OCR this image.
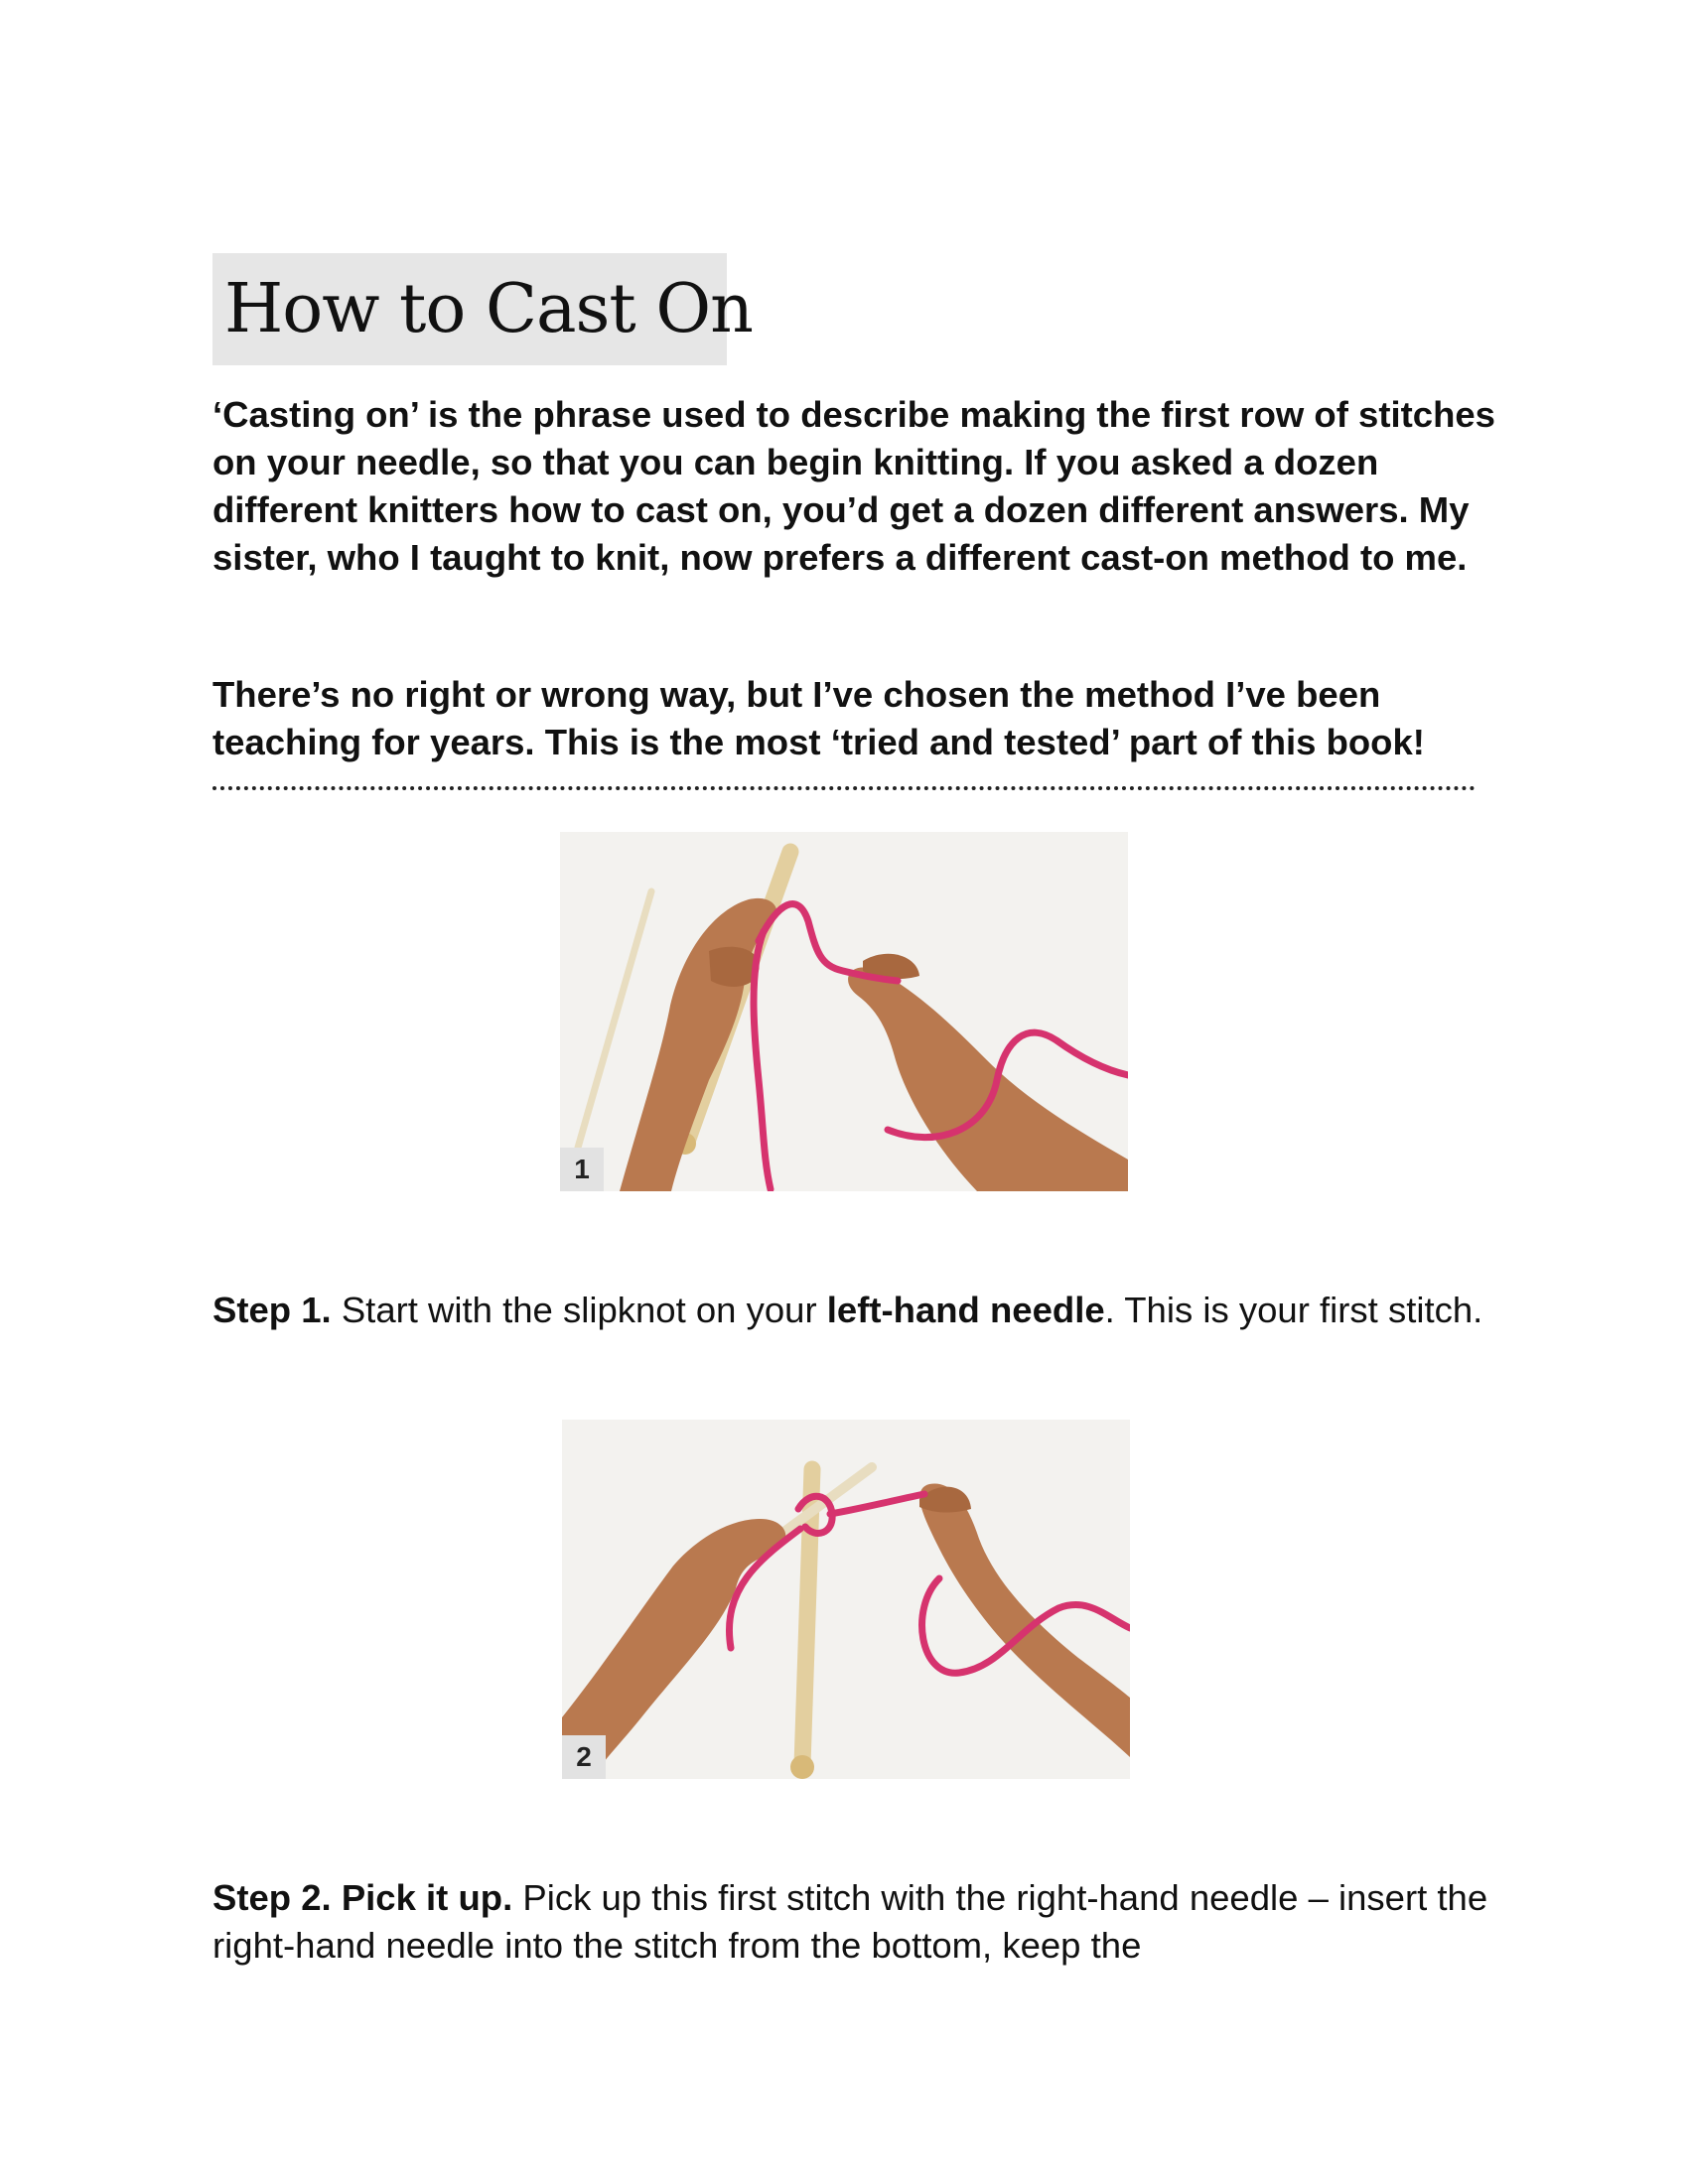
How to Cast On

‘Casting on’ is the phrase used to describe making the first row of stitches on your needle, so that you can begin knitting. If you asked a dozen different knitters how to cast on, you’d get a dozen different answers. My sister, who I taught to knit, now prefers a different cast-on method to me.

There’s no right or wrong way, but I’ve chosen the method I’ve been teaching for years. This is the most ‘tried and tested’ part of this book!

1

Step 1. Start with the slipknot on your left-hand needle. This is your first stitch.

2

Step 2. Pick it up. Pick up this first stitch with the right-hand needle – insert the right-hand needle into the stitch from the bottom, keep the
